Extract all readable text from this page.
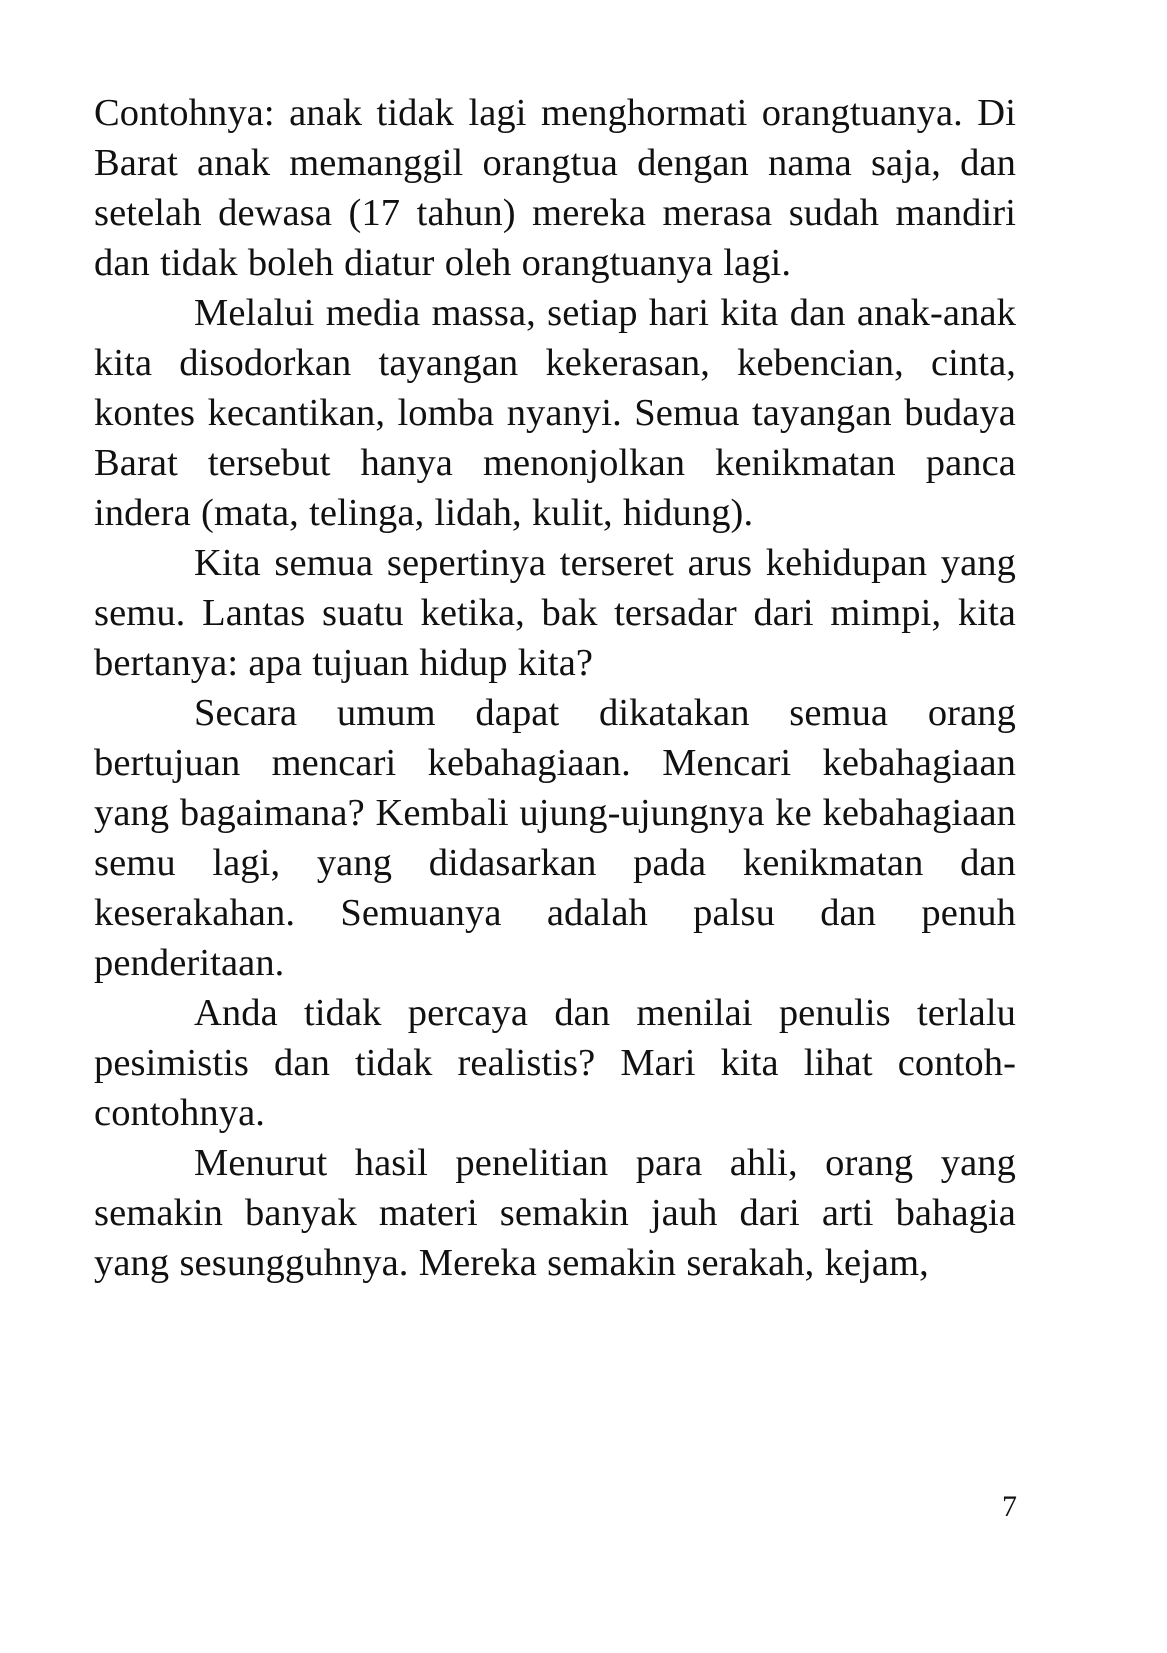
Contohnya: anak tidak lagi menghormati orangtuanya. Di Barat anak memanggil orangtua dengan nama saja, dan setelah dewasa (17 tahun) mereka merasa sudah mandiri dan tidak boleh diatur oleh orangtuanya lagi.

Melalui media massa, setiap hari kita dan anak-anak kita disodorkan tayangan kekerasan, kebencian, cinta, kontes kecantikan, lomba nyanyi. Semua tayangan budaya Barat tersebut hanya menonjolkan kenikmatan panca indera (mata, telinga, lidah, kulit, hidung).

Kita semua sepertinya terseret arus kehidupan yang semu. Lantas suatu ketika, bak tersadar dari mimpi, kita bertanya: apa tujuan hidup kita?

Secara umum dapat dikatakan semua orang bertujuan mencari kebahagiaan. Mencari kebahagiaan yang bagaimana? Kembali ujung-ujungnya ke kebahagiaan semu lagi, yang didasarkan pada kenikmatan dan keserakahan. Semuanya adalah palsu dan penuh penderitaan.

Anda tidak percaya dan menilai penulis terlalu pesimistis dan tidak realistis? Mari kita lihat contoh-contohnya.

Menurut hasil penelitian para ahli, orang yang semakin banyak materi semakin jauh dari arti bahagia yang sesungguhnya. Mereka semakin serakah, kejam,

7
